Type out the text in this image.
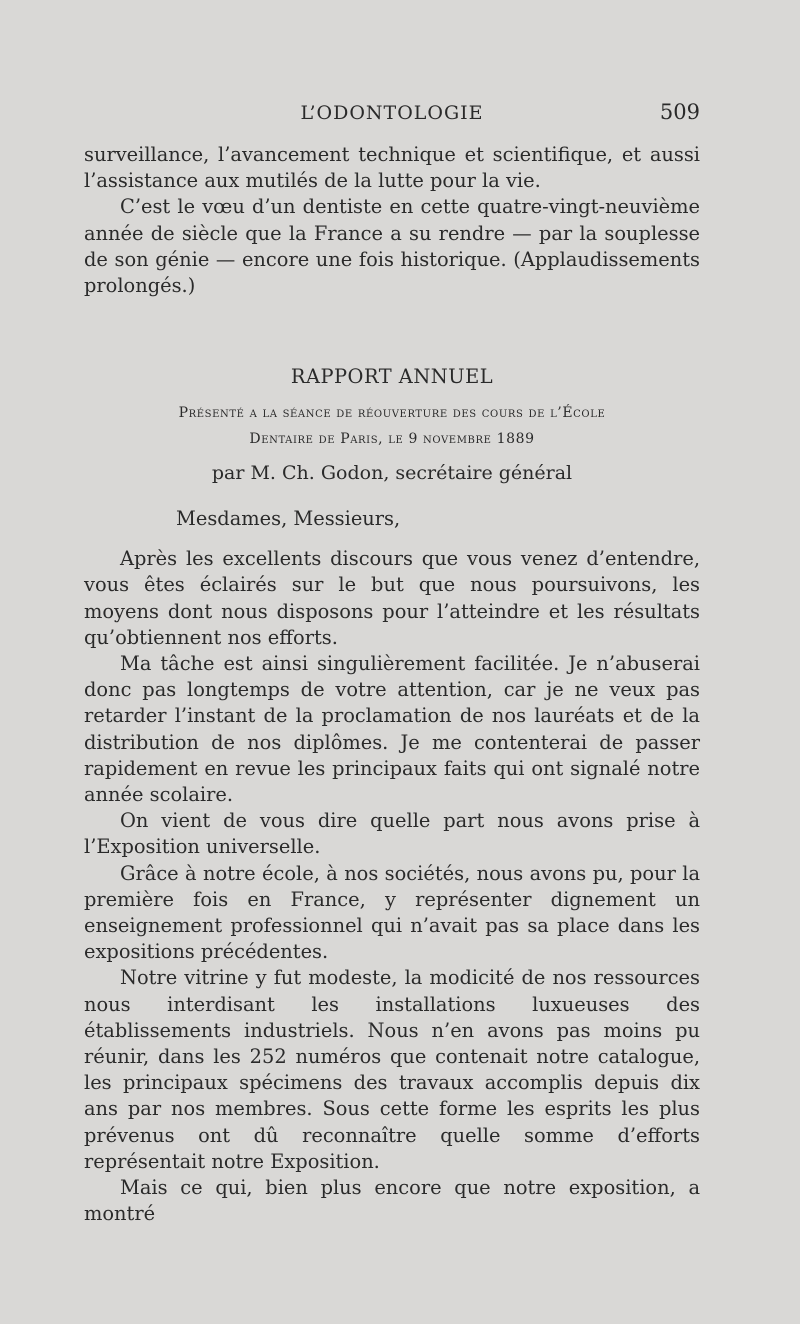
L’ODONTOLOGIE	509

surveillance, l’avancement technique et scientifique, et aussi l’assistance aux mutilés de la lutte pour la vie.

C’est le vœu d’un dentiste en cette quatre-vingt-neuvième année de siècle que la France a su rendre — par la souplesse de son génie — encore une fois historique. (Applaudissements prolongés.)

RAPPORT ANNUEL

Présenté a la séance de réouverture des cours de l’École
Dentaire de Paris, le 9 novembre 1889

par M. Ch. Godon, secrétaire général

Mesdames, Messieurs,

Après les excellents discours que vous venez d’entendre, vous êtes éclairés sur le but que nous poursuivons, les moyens dont nous disposons pour l’atteindre et les résultats qu’obtiennent nos efforts.

Ma tâche est ainsi singulièrement facilitée. Je n’abuserai donc pas longtemps de votre attention, car je ne veux pas retarder l’instant de la proclamation de nos lauréats et de la distribution de nos diplômes. Je me contenterai de passer rapidement en revue les principaux faits qui ont signalé notre année scolaire.

On vient de vous dire quelle part nous avons prise à l’Exposition universelle.

Grâce à notre école, à nos sociétés, nous avons pu, pour la première fois en France, y représenter dignement un enseignement professionnel qui n’avait pas sa place dans les expositions précédentes.

Notre vitrine y fut modeste, la modicité de nos ressources nous interdisant les installations luxueuses des établissements industriels. Nous n’en avons pas moins pu réunir, dans les 252 numéros que contenait notre catalogue, les principaux spécimens des travaux accomplis depuis dix ans par nos membres. Sous cette forme les esprits les plus prévenus ont dû reconnaître quelle somme d’efforts représentait notre Exposition.

Mais ce qui, bien plus encore que notre exposition, a montré
